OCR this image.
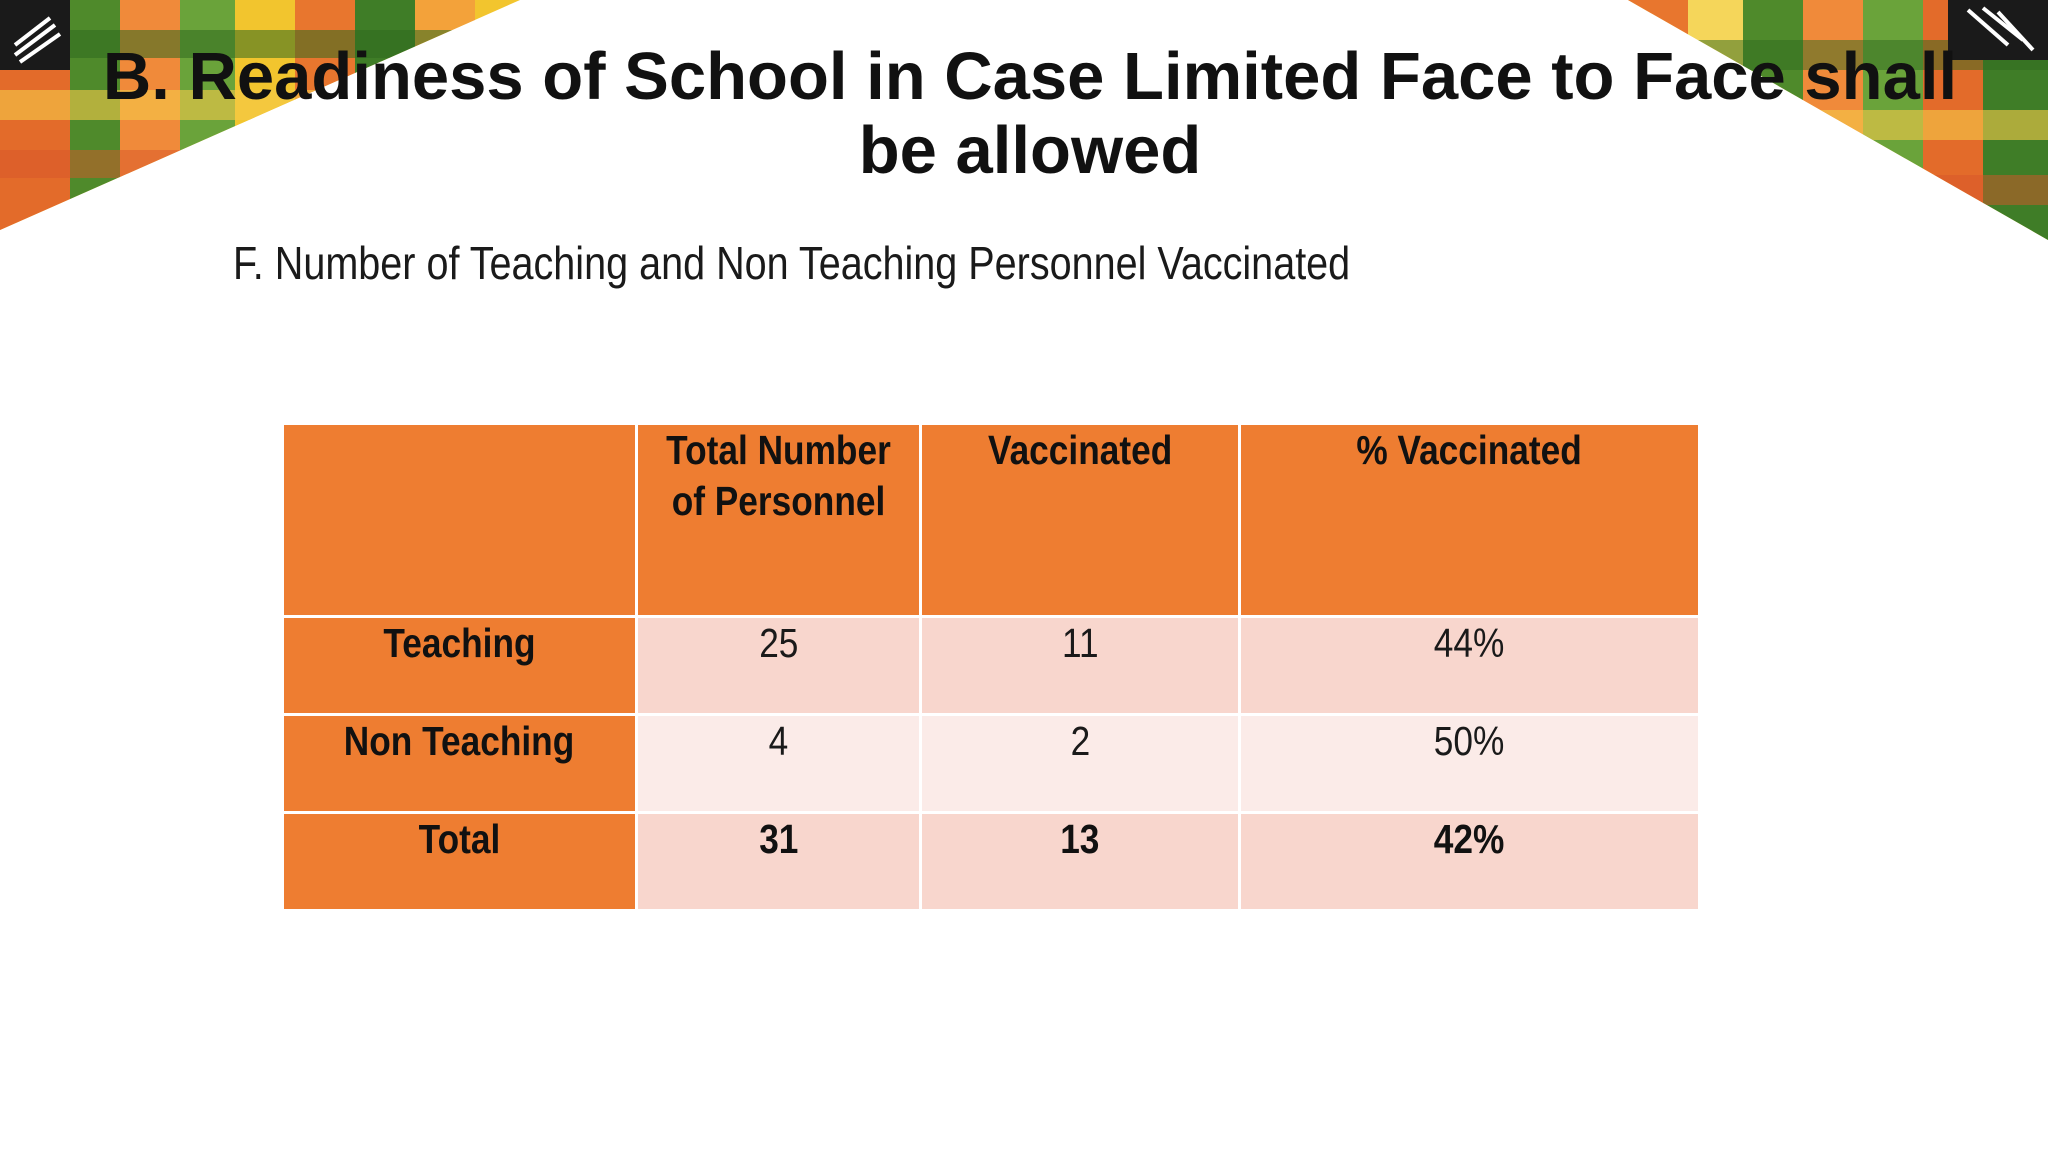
B. Readiness of School in Case Limited Face to Face shall
be allowed

F. Number of Teaching and Non Teaching Personnel Vaccinated

	Total Number of Personnel	Vaccinated	% Vaccinated
Teaching	25	11	44%
Non Teaching	4	2	50%
Total	31	13	42%
